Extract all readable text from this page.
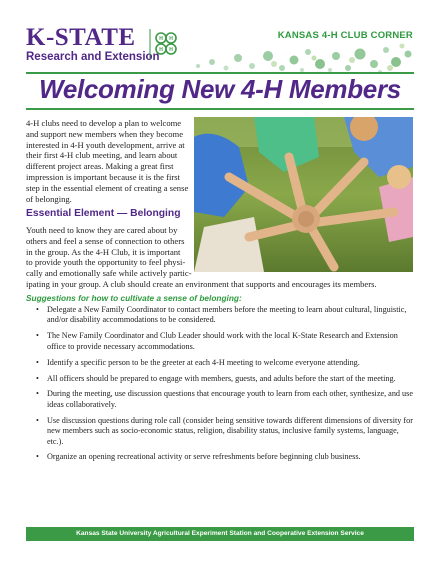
K-STATE
Research and Extension
H H
H H
KANSAS 4-H CLUB CORNER
Welcoming New 4-H Members

4-H clubs need to develop a plan to welcome and support new members when they become interested in 4-H youth development, arrive at their first 4-H club meeting, and learn about different project areas. Making a great first impression is important because it is the first step in the essential element of creating a sense of belonging.

Essential Element — Belonging
Youth need to know they are cared about by
others and feel a sense of connection to others
in the group. As the 4-H Club, it is important
to provide youth the opportunity to feel physi-
cally and emotionally safe while actively partic-
ipating in your group. A club should create an environment that supports and encourages its members.
Suggestions for how to cultivate a sense of belonging:
• Delegate a New Family Coordinator to contact members before the meeting to learn about cultural, linguistic, and/or disability accommodations to be considered.
• The New Family Coordinator and Club Leader should work with the local K-State Research and Extension office to provide necessary accommodations.
• Identify a specific person to be the greeter at each 4-H meeting to welcome everyone attending.
• All officers should be prepared to engage with members, guests, and adults before the start of the meeting.
• During the meeting, use discussion questions that encourage youth to learn from each other, synthesize, and use ideas collaboratively.
• Use discussion questions during role call (consider being sensitive towards different dimensions of diversity for new members such as socio-economic status, religion, disability status, inclusive family systems, language, etc.).
• Organize an opening recreational activity or serve refreshments before beginning club business.
Kansas State University Agricultural Experiment Station and Cooperative Extension Service
